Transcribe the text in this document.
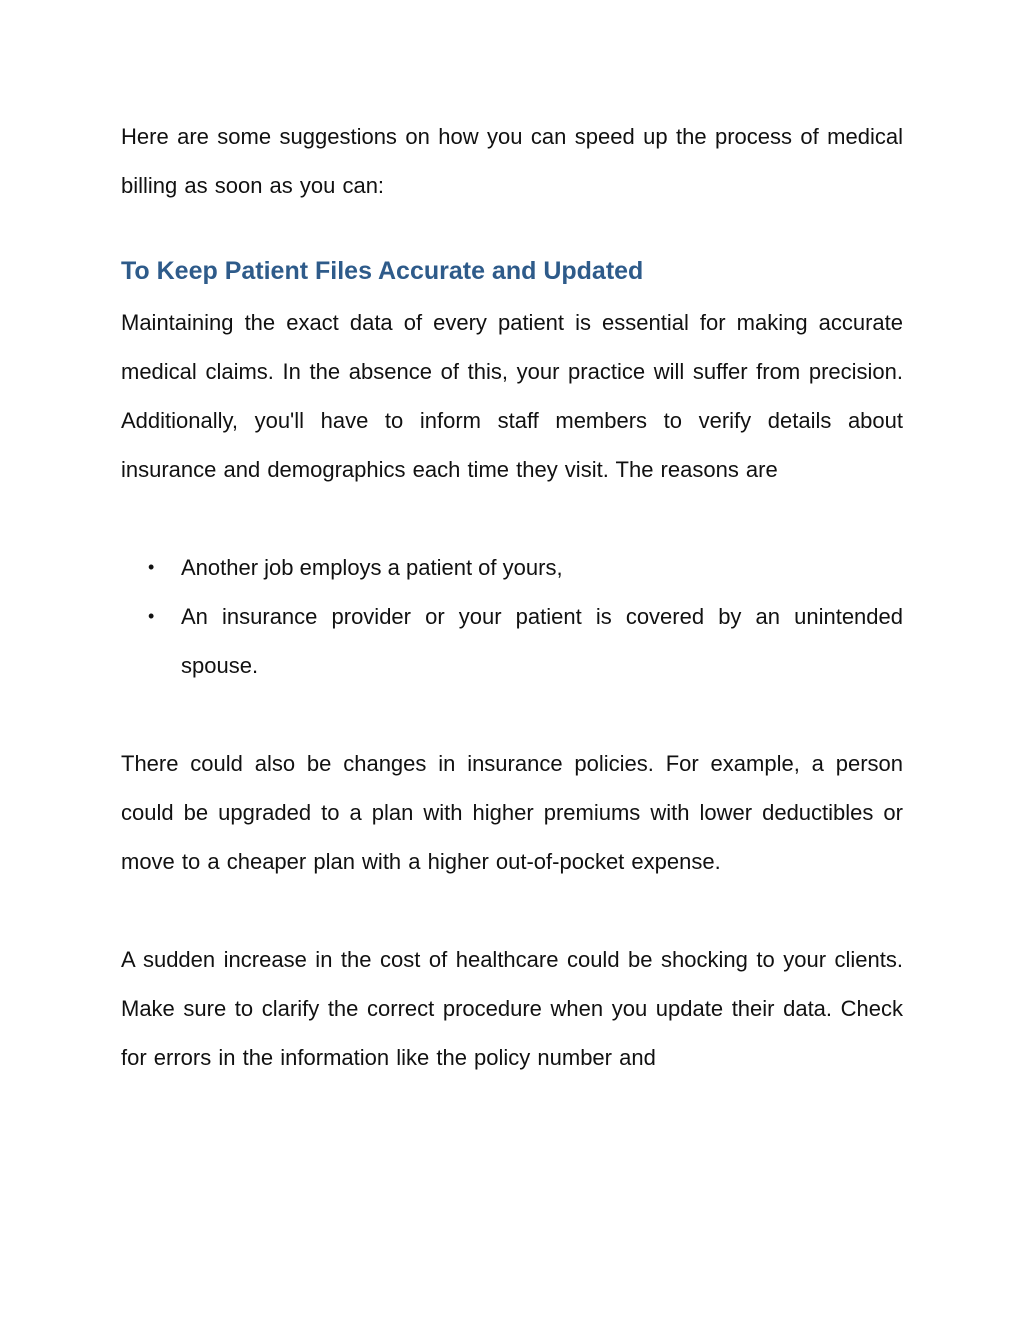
Here are some suggestions on how you can speed up the process of medical billing as soon as you can:

To Keep Patient Files Accurate and Updated

Maintaining the exact data of every patient is essential for making accurate medical claims. In the absence of this, your practice will suffer from precision. Additionally, you'll have to inform staff members to verify details about insurance and demographics each time they visit. The reasons are

• Another job employs a patient of yours,
• An insurance provider or your patient is covered by an unintended spouse.

There could also be changes in insurance policies. For example, a person could be upgraded to a plan with higher premiums with lower deductibles or move to a cheaper plan with a higher out-of-pocket expense.

A sudden increase in the cost of healthcare could be shocking to your clients. Make sure to clarify the correct procedure when you update their data. Check for errors in the information like the policy number and
